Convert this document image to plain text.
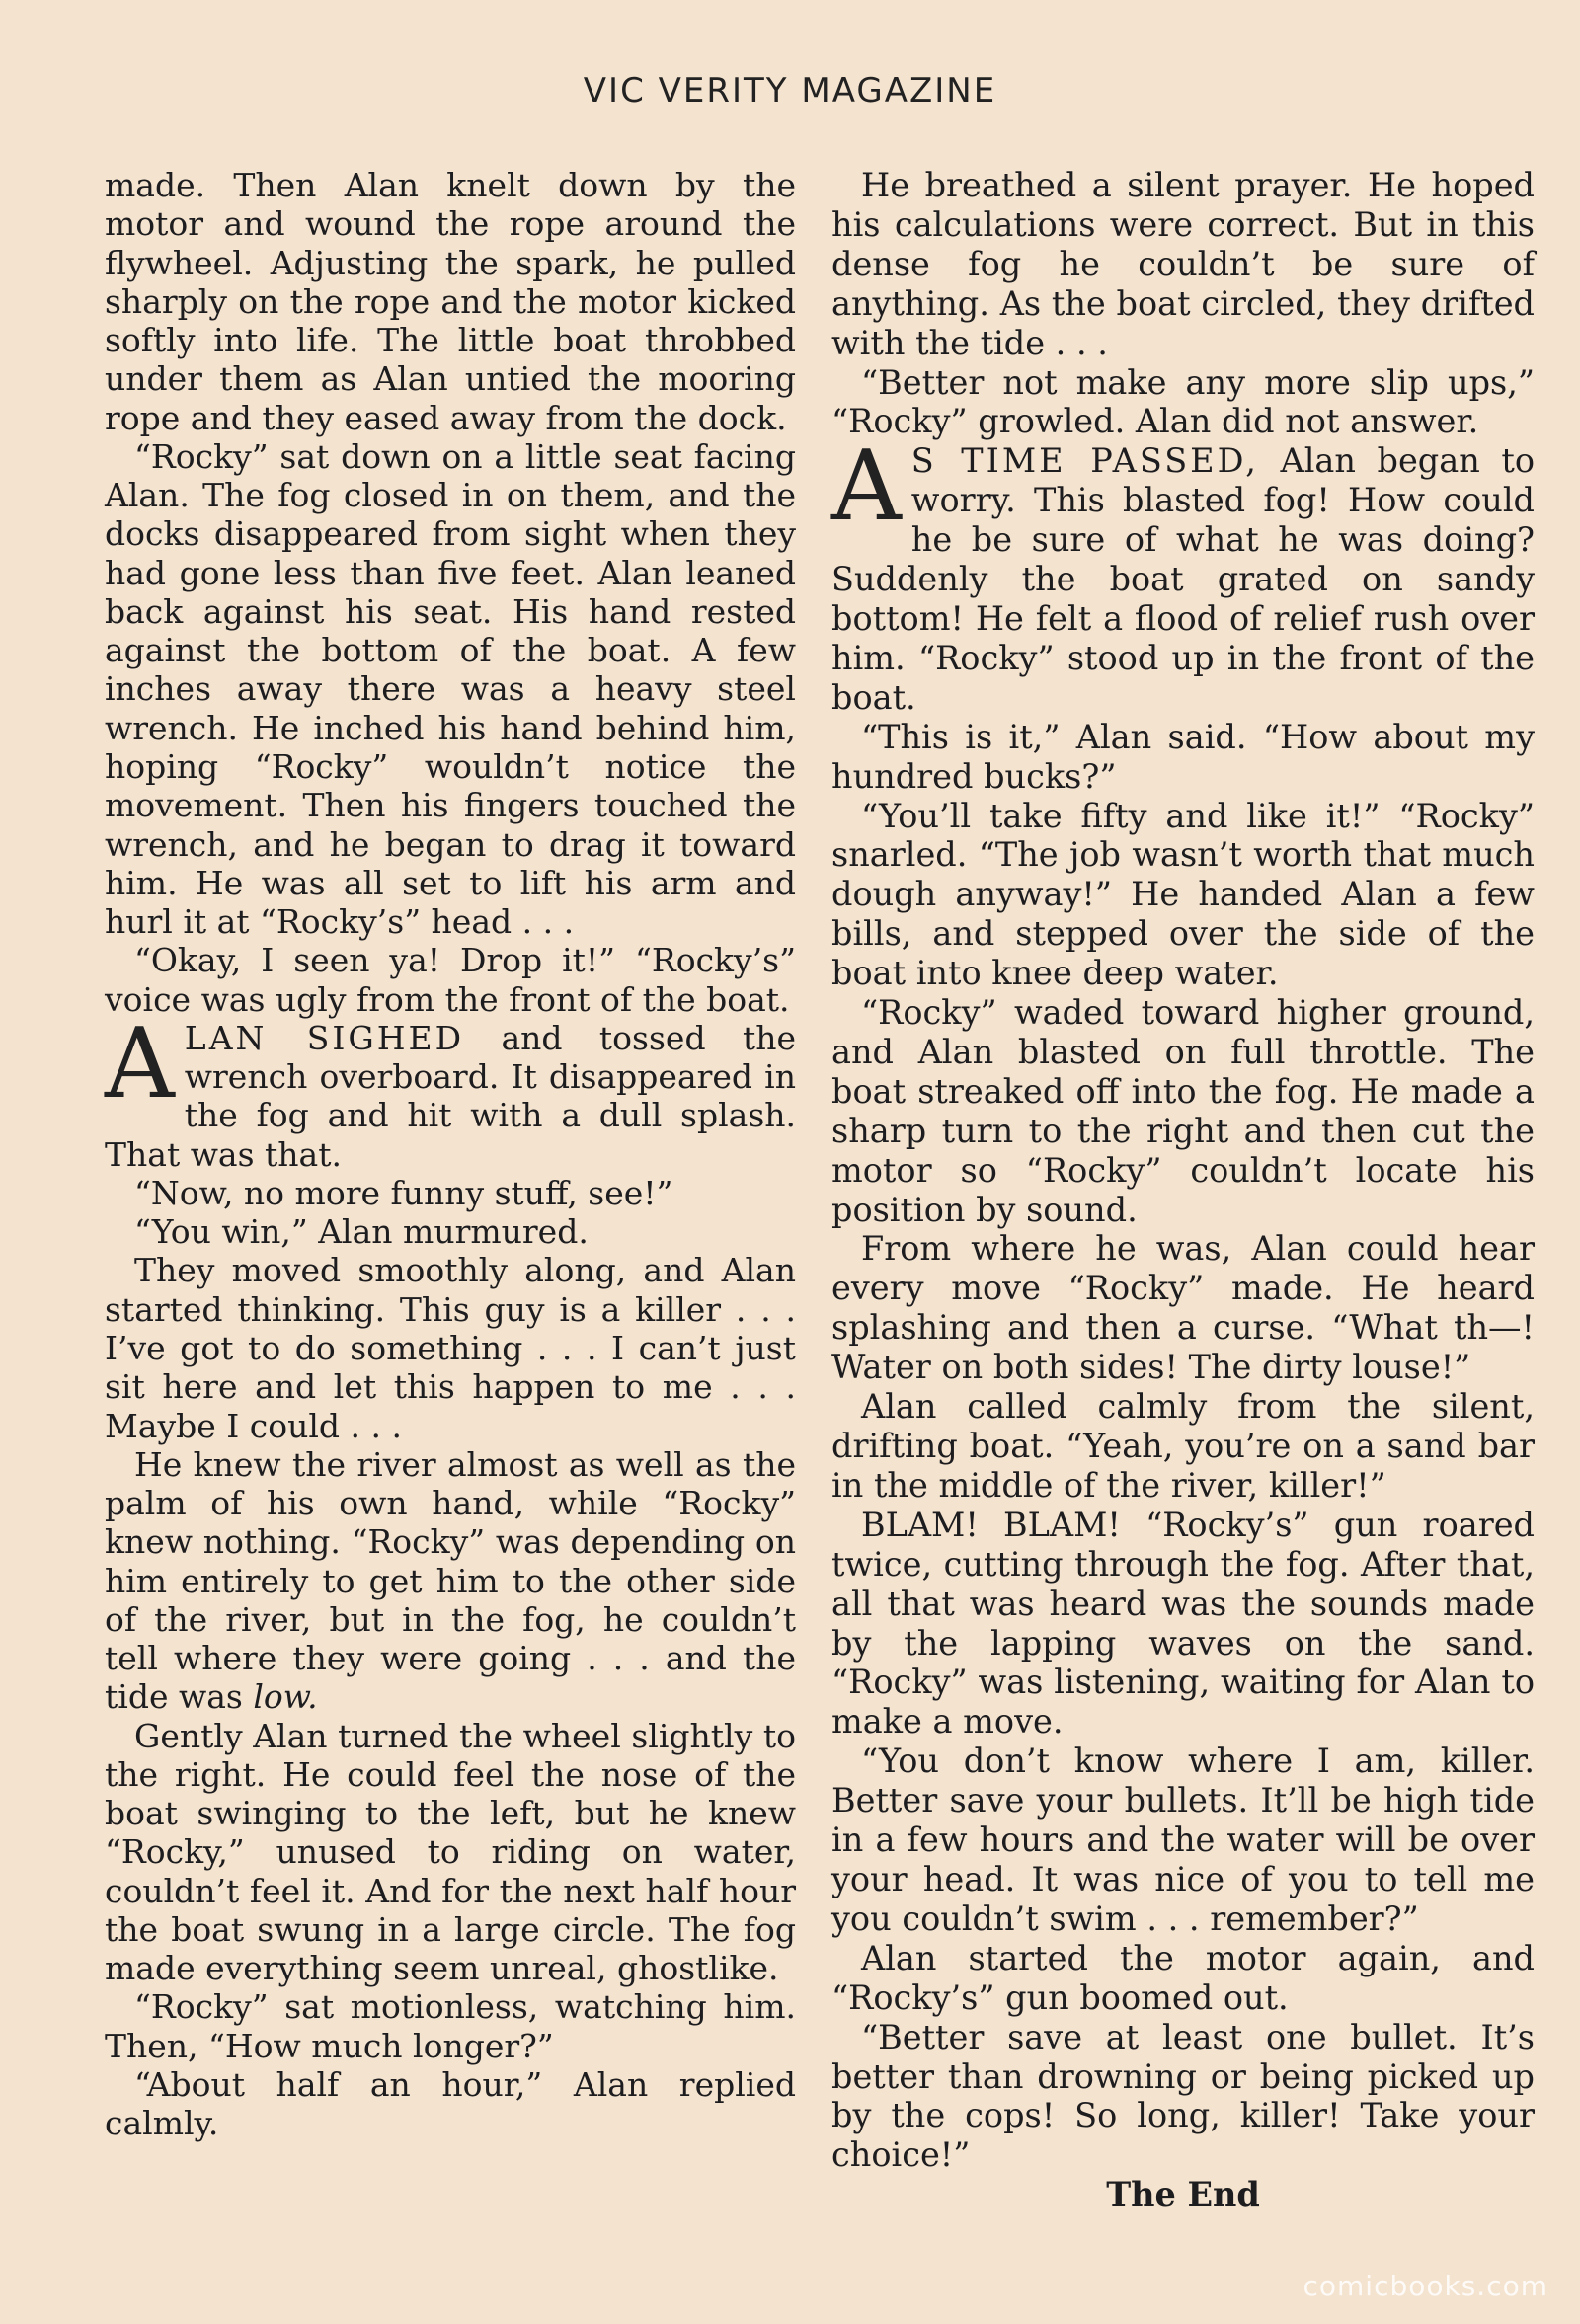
VIC VERITY MAGAZINE

made. Then Alan knelt down by the motor and wound the rope around the flywheel. Adjusting the spark, he pulled sharply on the rope and the motor kicked softly into life. The little boat throbbed under them as Alan untied the mooring rope and they eased away from the dock.

“Rocky” sat down on a little seat facing Alan. The fog closed in on them, and the docks disappeared from sight when they had gone less than five feet. Alan leaned back against his seat. His hand rested against the bottom of the boat. A few inches away there was a heavy steel wrench. He inched his hand behind him, hoping “Rocky” wouldn’t notice the movement. Then his fingers touched the wrench, and he began to drag it toward him. He was all set to lift his arm and hurl it at “Rocky’s” head . . .

“Okay, I seen ya! Drop it!” “Rocky’s” voice was ugly from the front of the boat.

ALAN SIGHED and tossed the wrench overboard. It disappeared in the fog and hit with a dull splash. That was that.

“Now, no more funny stuff, see!”

“You win,” Alan murmured.

They moved smoothly along, and Alan started thinking. This guy is a killer . . . I’ve got to do something . . . I can’t just sit here and let this happen to me . . . Maybe I could . . .

He knew the river almost as well as the palm of his own hand, while “Rocky” knew nothing. “Rocky” was depending on him entirely to get him to the other side of the river, but in the fog, he couldn’t tell where they were going . . . and the tide was low.

Gently Alan turned the wheel slightly to the right. He could feel the nose of the boat swinging to the left, but he knew “Rocky,” unused to riding on water, couldn’t feel it. And for the next half hour the boat swung in a large circle. The fog made everything seem unreal, ghostlike.

“Rocky” sat motionless, watching him. Then, “How much longer?”

“About half an hour,” Alan replied calmly.

He breathed a silent prayer. He hoped his calculations were correct. But in this dense fog he couldn’t be sure of anything. As the boat circled, they drifted with the tide . . .

“Better not make any more slip ups,” “Rocky” growled. Alan did not answer.

A S TIME PASSED, Alan began to worry. This blasted fog! How could he be sure of what he was doing? Suddenly the boat grated on sandy bottom! He felt a flood of relief rush over him. “Rocky” stood up in the front of the boat.

“This is it,” Alan said. “How about my hundred bucks?”

“You’ll take fifty and like it!” “Rocky” snarled. “The job wasn’t worth that much dough anyway!” He handed Alan a few bills, and stepped over the side of the boat into knee deep water.

“Rocky” waded toward higher ground, and Alan blasted on full throttle. The boat streaked off into the fog. He made a sharp turn to the right and then cut the motor so “Rocky” couldn’t locate his position by sound.

From where he was, Alan could hear every move “Rocky” made. He heard splashing and then a curse. “What th—! Water on both sides! The dirty louse!”

Alan called calmly from the silent, drifting boat. “Yeah, you’re on a sand bar in the middle of the river, killer!”

BLAM! BLAM! “Rocky’s” gun roared twice, cutting through the fog. After that, all that was heard was the sounds made by the lapping waves on the sand. “Rocky” was listening, waiting for Alan to make a move.

“You don’t know where I am, killer. Better save your bullets. It’ll be high tide in a few hours and the water will be over your head. It was nice of you to tell me you couldn’t swim . . . remember?”

Alan started the motor again, and “Rocky’s” gun boomed out.

“Better save at least one bullet. It’s better than drowning or being picked up by the cops! So long, killer! Take your choice!”

The End

comicbooks.com
